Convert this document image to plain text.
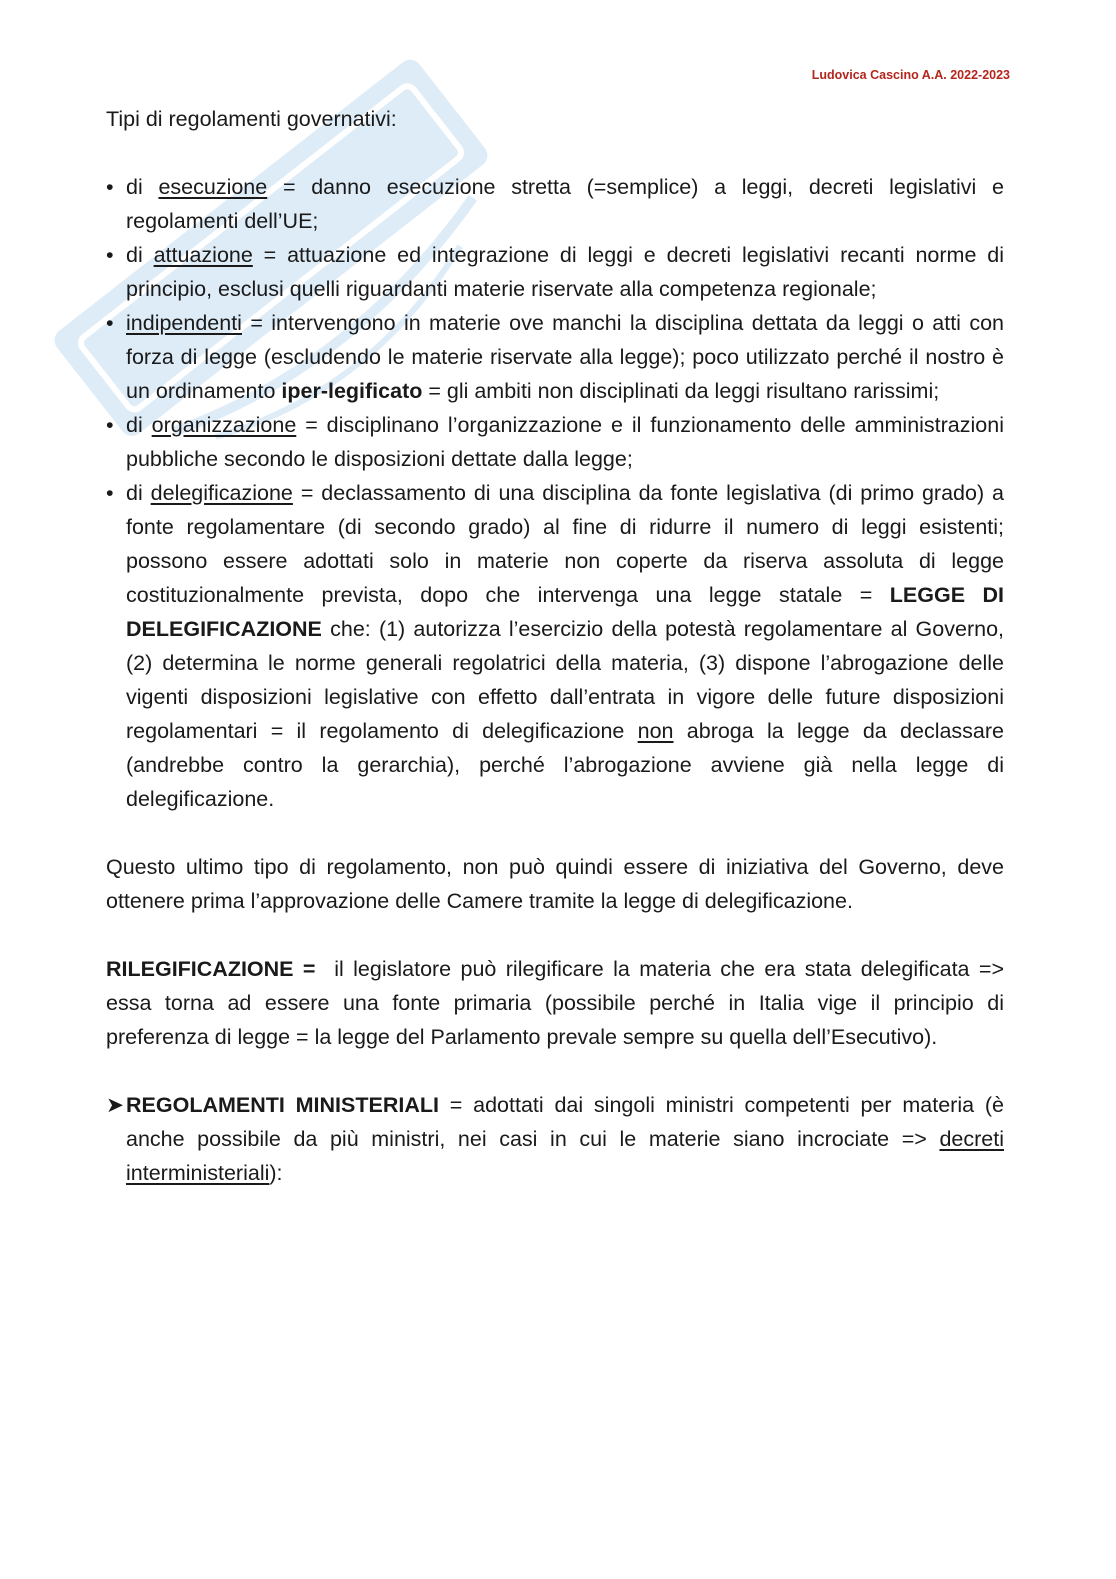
Ludovica Cascino A.A. 2022-2023

Tipi di regolamenti governativi:

• di esecuzione = danno esecuzione stretta (=semplice) a leggi, decreti legislativi e regolamenti dell’UE;
• di attuazione = attuazione ed integrazione di leggi e decreti legislativi recanti norme di principio, esclusi quelli riguardanti materie riservate alla competenza regionale;
• indipendenti = intervengono in materie ove manchi la disciplina dettata da leggi o atti con forza di legge (escludendo le materie riservate alla legge); poco utilizzato perché il nostro è un ordinamento iper-legificato = gli ambiti non disciplinati da leggi risultano rarissimi;
• di organizzazione = disciplinano l’organizzazione e il funzionamento delle amministrazioni pubbliche secondo le disposizioni dettate dalla legge;
• di delegificazione = declassamento di una disciplina da fonte legislativa (di primo grado) a fonte regolamentare (di secondo grado) al fine di ridurre il numero di leggi esistenti; possono essere adottati solo in materie non coperte da riserva assoluta di legge costituzionalmente prevista, dopo che intervenga una legge statale = LEGGE DI DELEGIFICAZIONE che: (1) autorizza l’esercizio della potestà regolamentare al Governo, (2) determina le norme generali regolatrici della materia, (3) dispone l’abrogazione delle vigenti disposizioni legislative con effetto dall’entrata in vigore delle future disposizioni regolamentari = il regolamento di delegificazione non abroga la legge da declassare (andrebbe contro la gerarchia), perché l’abrogazione avviene già nella legge di delegificazione.

Questo ultimo tipo di regolamento, non può quindi essere di iniziativa del Governo, deve ottenere prima l’approvazione delle Camere tramite la legge di delegificazione.

RILEGIFICAZIONE =  il legislatore può rilegificare la materia che era stata delegificata => essa torna ad essere una fonte primaria (possibile perché in Italia vige il principio di preferenza di legge = la legge del Parlamento prevale sempre su quella dell’Esecutivo).

➤ REGOLAMENTI MINISTERIALI = adottati dai singoli ministri competenti per materia (è anche possibile da più ministri, nei casi in cui le materie siano incrociate => decreti interministeriali):
